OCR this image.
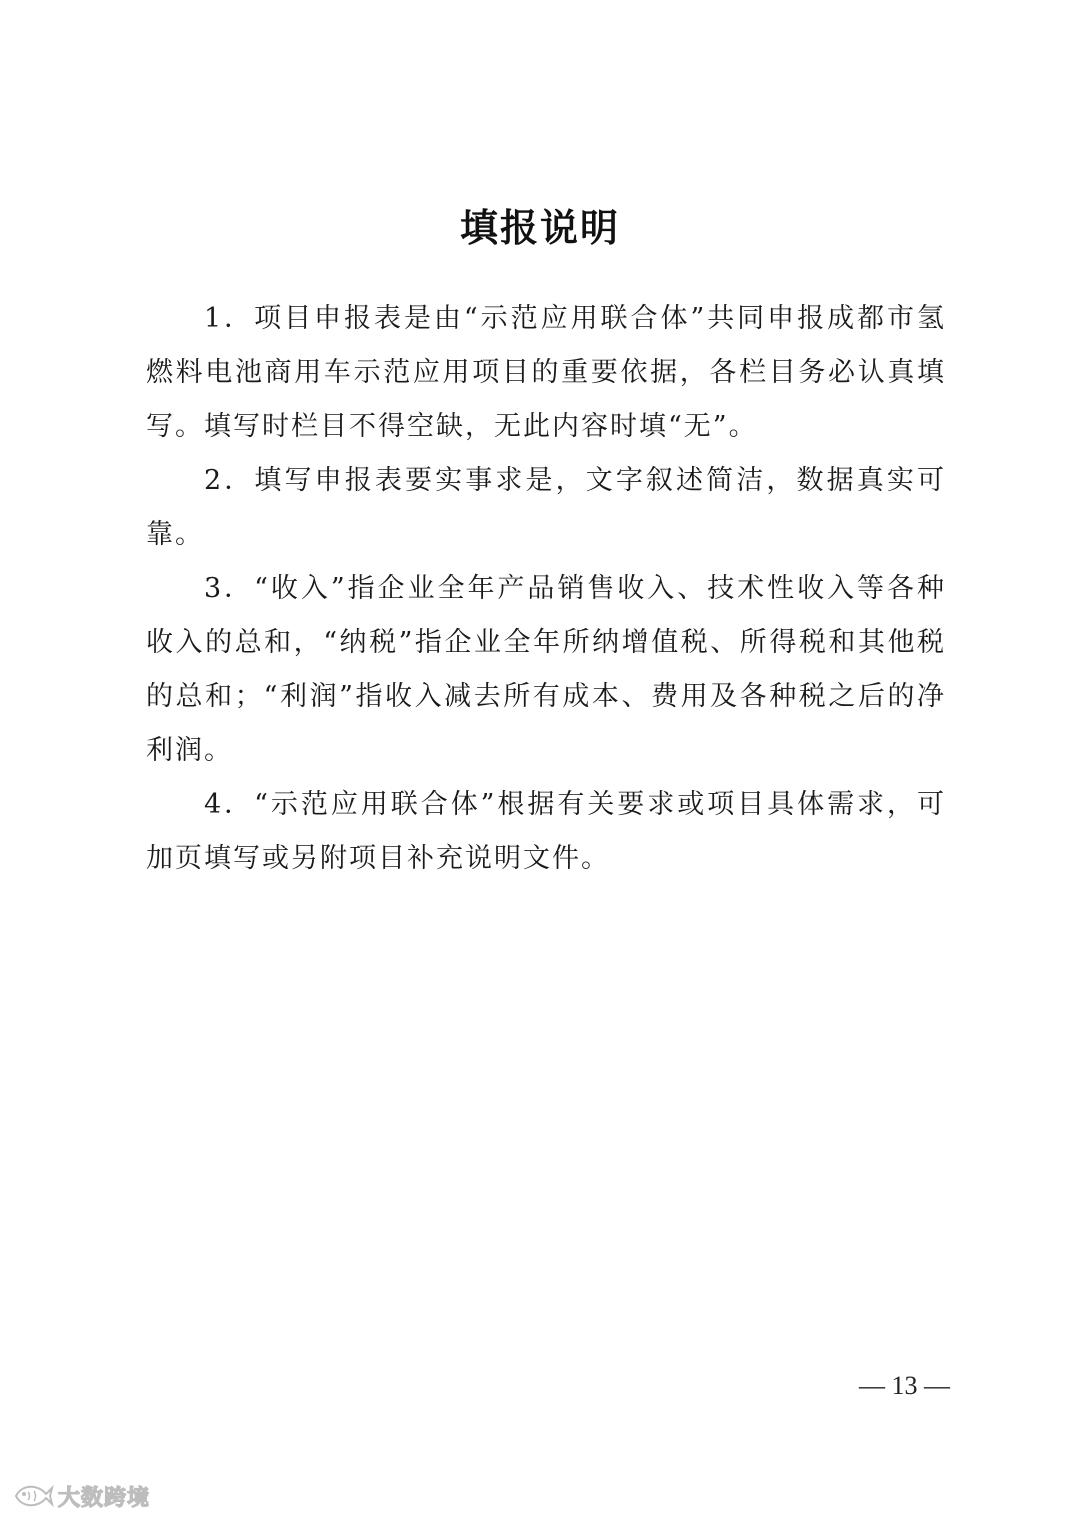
填报说明

1．项目申报表是由“示范应用联合体”共同申报成都市氢燃料电池商用车示范应用项目的重要依据，各栏目务必认真填写。填写时栏目不得空缺，无此内容时填“无”。

2．填写申报表要实事求是，文字叙述简洁，数据真实可靠。

3．“收入”指企业全年产品销售收入、技术性收入等各种收入的总和，“纳税”指企业全年所纳增值税、所得税和其他税的总和；“利润”指收入减去所有成本、费用及各种税之后的净利润。

4．“示范应用联合体”根据有关要求或项目具体需求，可加页填写或另附项目补充说明文件。

— 13 —
大数跨境
